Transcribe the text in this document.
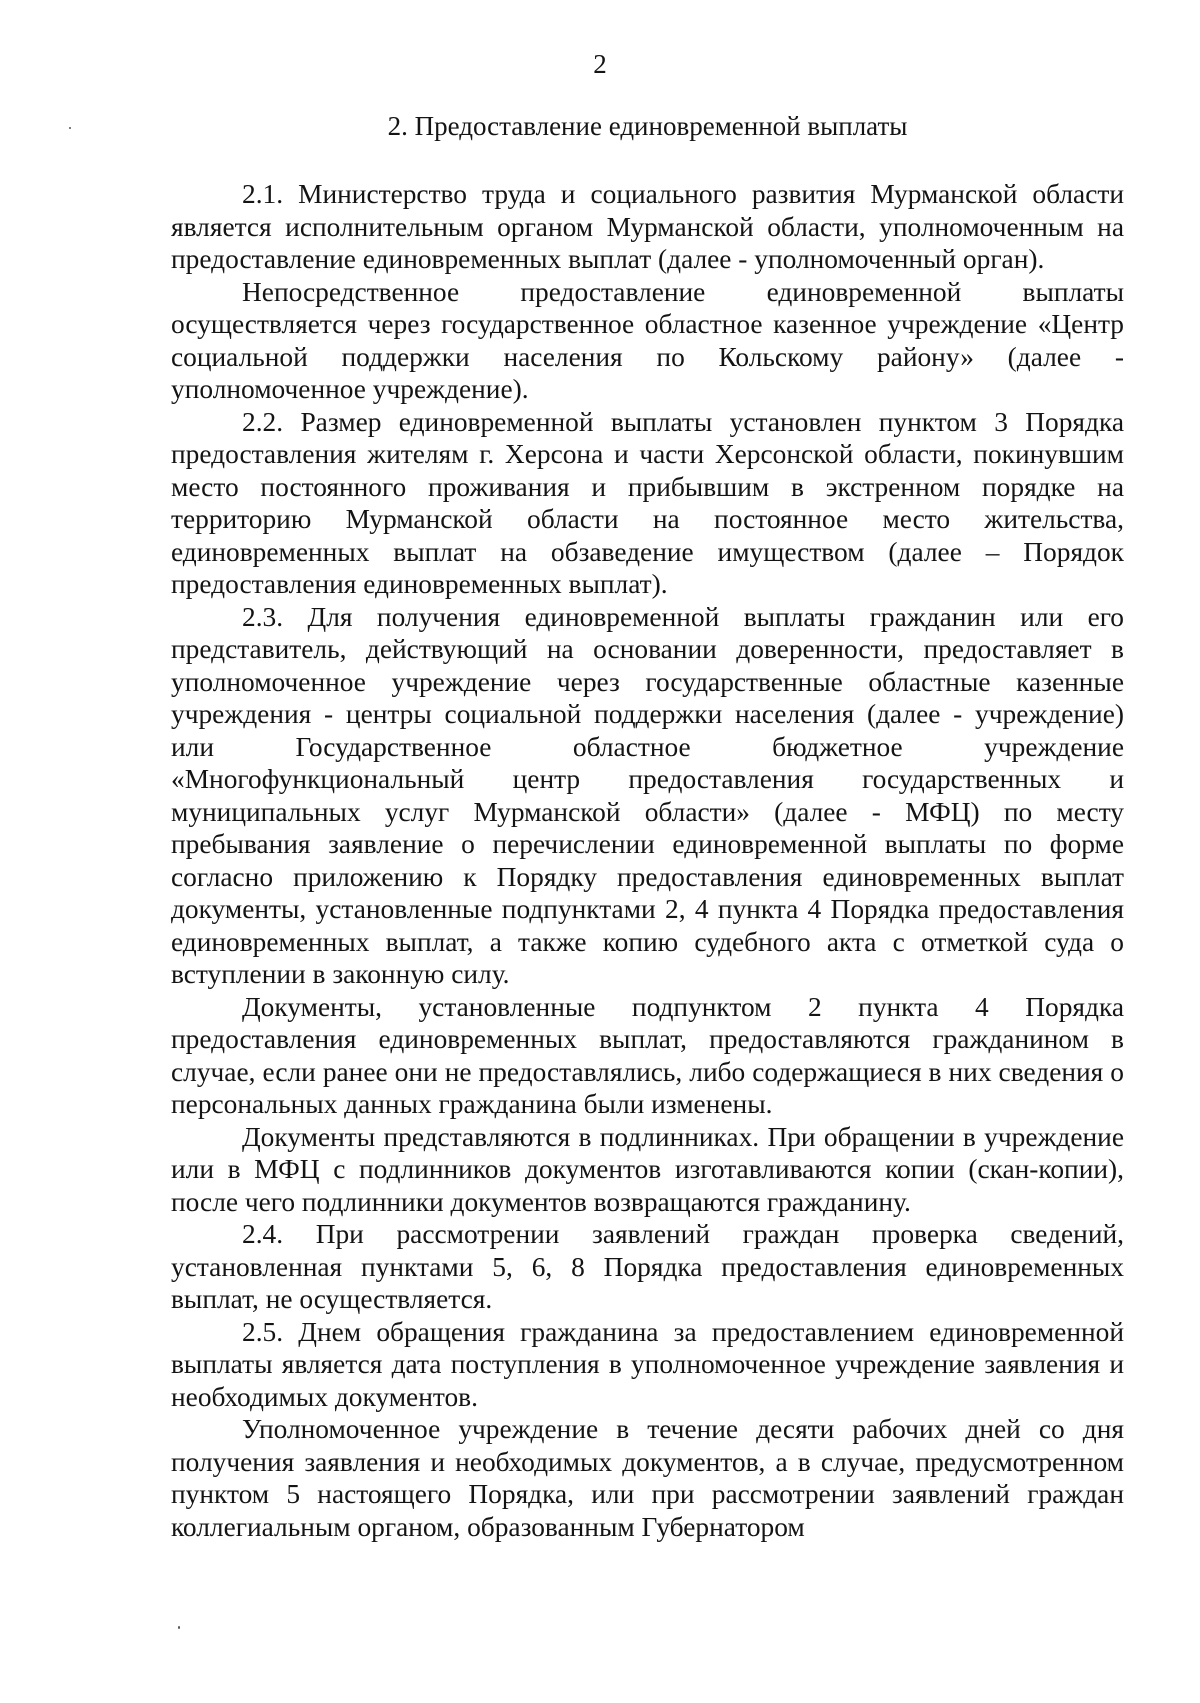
2
2. Предоставление единовременной выплаты

2.1. Министерство труда и социального развития Мурманской области является исполнительным органом Мурманской области, уполномоченным на предоставление единовременных выплат (далее - уполномоченный орган).

Непосредственное предоставление единовременной выплаты осуществляется через государственное областное казенное учреждение «Центр социальной поддержки населения по Кольскому району» (далее - уполномоченное учреждение).

2.2. Размер единовременной выплаты установлен пунктом 3 Порядка предоставления жителям г. Херсона и части Херсонской области, покинувшим место постоянного проживания и прибывшим в экстренном порядке на территорию Мурманской области на постоянное место жительства, единовременных выплат на обзаведение имуществом (далее – Порядок предоставления единовременных выплат).

2.3. Для получения единовременной выплаты гражданин или его представитель, действующий на основании доверенности, предоставляет в уполномоченное учреждение через государственные областные казенные учреждения - центры социальной поддержки населения (далее - учреждение) или Государственное областное бюджетное учреждение «Многофункциональный центр предоставления государственных и муниципальных услуг Мурманской области» (далее - МФЦ) по месту пребывания заявление о перечислении единовременной выплаты по форме согласно приложению к Порядку предоставления единовременных выплат документы, установленные подпунктами 2, 4 пункта 4 Порядка предоставления единовременных выплат, а также копию судебного акта с отметкой суда о вступлении в законную силу.

Документы, установленные подпунктом 2 пункта 4 Порядка предоставления единовременных выплат, предоставляются гражданином в случае, если ранее они не предоставлялись, либо содержащиеся в них сведения о персональных данных гражданина были изменены.

Документы представляются в подлинниках. При обращении в учреждение или в МФЦ с подлинников документов изготавливаются копии (скан-копии), после чего подлинники документов возвращаются гражданину.

2.4. При рассмотрении заявлений граждан проверка сведений, установленная пунктами 5, 6, 8 Порядка предоставления единовременных выплат, не осуществляется.

2.5. Днем обращения гражданина за предоставлением единовременной выплаты является дата поступления в уполномоченное учреждение заявления и необходимых документов.

Уполномоченное учреждение в течение десяти рабочих дней со дня получения заявления и необходимых документов, а в случае, предусмотренном пунктом 5 настоящего Порядка, или при рассмотрении заявлений граждан коллегиальным органом, образованным Губернатором
